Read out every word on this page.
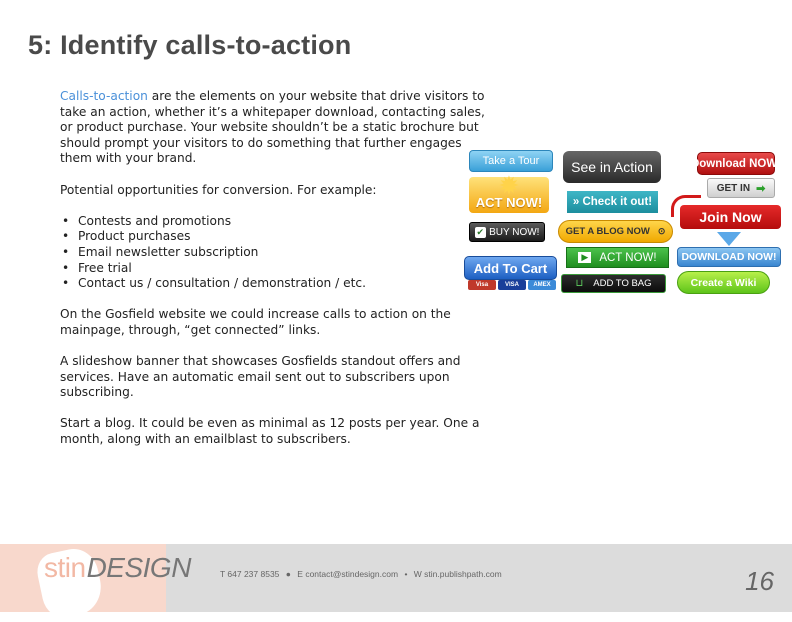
5: Identify calls-to-action

Calls-to-action are the elements on your website that drive visitors to take an action, whether it’s a whitepaper download, contacting sales, or product purchase. Your website shouldn’t be a static brochure but should prompt your visitors to do something that further engages them with your brand.

Potential opportunities for conversion. For example:

• Contests and promotions
• Product purchases
• Email newsletter subscription
• Free trial
• Contact us / consultation / demonstration / etc.

On the Gosfield website we could increase calls to action on the mainpage, through, “get connected” links.

A slideshow banner that showcases Gosfields standout offers and services. Have an automatic email sent out to subscribers upon subscribing.

Start a blog. It could be even as minimal as 12 posts per year. One a month, along with an emailblast to subscribers.

Take a Tour	See in Action	Download NOW!
GET IN ➡
✹
ACT NOW!	» Check it out!
Join Now
✔ BUY NOW!	GET A BLOG NOW ⊙
DOWNLOAD NOW!
▶ ACT NOW!
Add To Cart
Visa	VISA	AMEX	⊔ ADD TO BAG	Create a Wiki
stinDESIGN	T 647 237 8535 ● E contact@stindesign.com • W stin.publishpath.com	16
